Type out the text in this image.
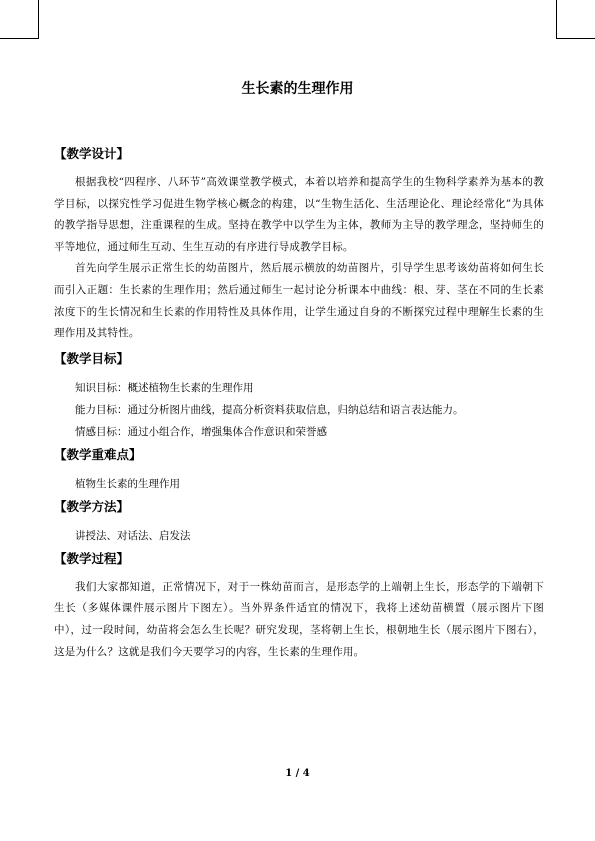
生长素的生理作用
【教学设计】

根据我校“四程序、八环节”高效课堂教学模式，本着以培养和提高学生的生物科学素养为基本的教学目标，以探究性学习促进生物学核心概念的构建，以“生物生活化、生活理论化、理论经常化”为具体的教学指导思想，注重课程的生成。坚持在教学中以学生为主体，教师为主导的教学理念，坚持师生的平等地位，通过师生互动、生生互动的有序进行导成教学目标。

首先向学生展示正常生长的幼苗图片，然后展示横放的幼苗图片，引导学生思考该幼苗将如何生长而引入正题：生长素的生理作用；然后通过师生一起讨论分析课本中曲线：根、芽、茎在不同的生长素浓度下的生长情况和生长素的作用特性及具体作用，让学生通过自身的不断探究过程中理解生长素的生理作用及其特性。

【教学目标】

知识目标：概述植物生长素的生理作用

能力目标：通过分析图片曲线，提高分析资料获取信息，归纳总结和语言表达能力。

情感目标：通过小组合作，增强集体合作意识和荣誉感

【教学重难点】

植物生长素的生理作用

【教学方法】

讲授法、对话法、启发法

【教学过程】

我们大家都知道，正常情况下，对于一株幼苗而言，是形态学的上端朝上生长，形态学的下端朝下生长（多媒体课件展示图片下图左）。当外界条件适宜的情况下，我将上述幼苗横置（展示图片下图中），过一段时间，幼苗将会怎么生长呢？研究发现，茎将朝上生长，根朝地生长（展示图片下图右），这是为什么？这就是我们今天要学习的内容，生长素的生理作用。

1 / 4
